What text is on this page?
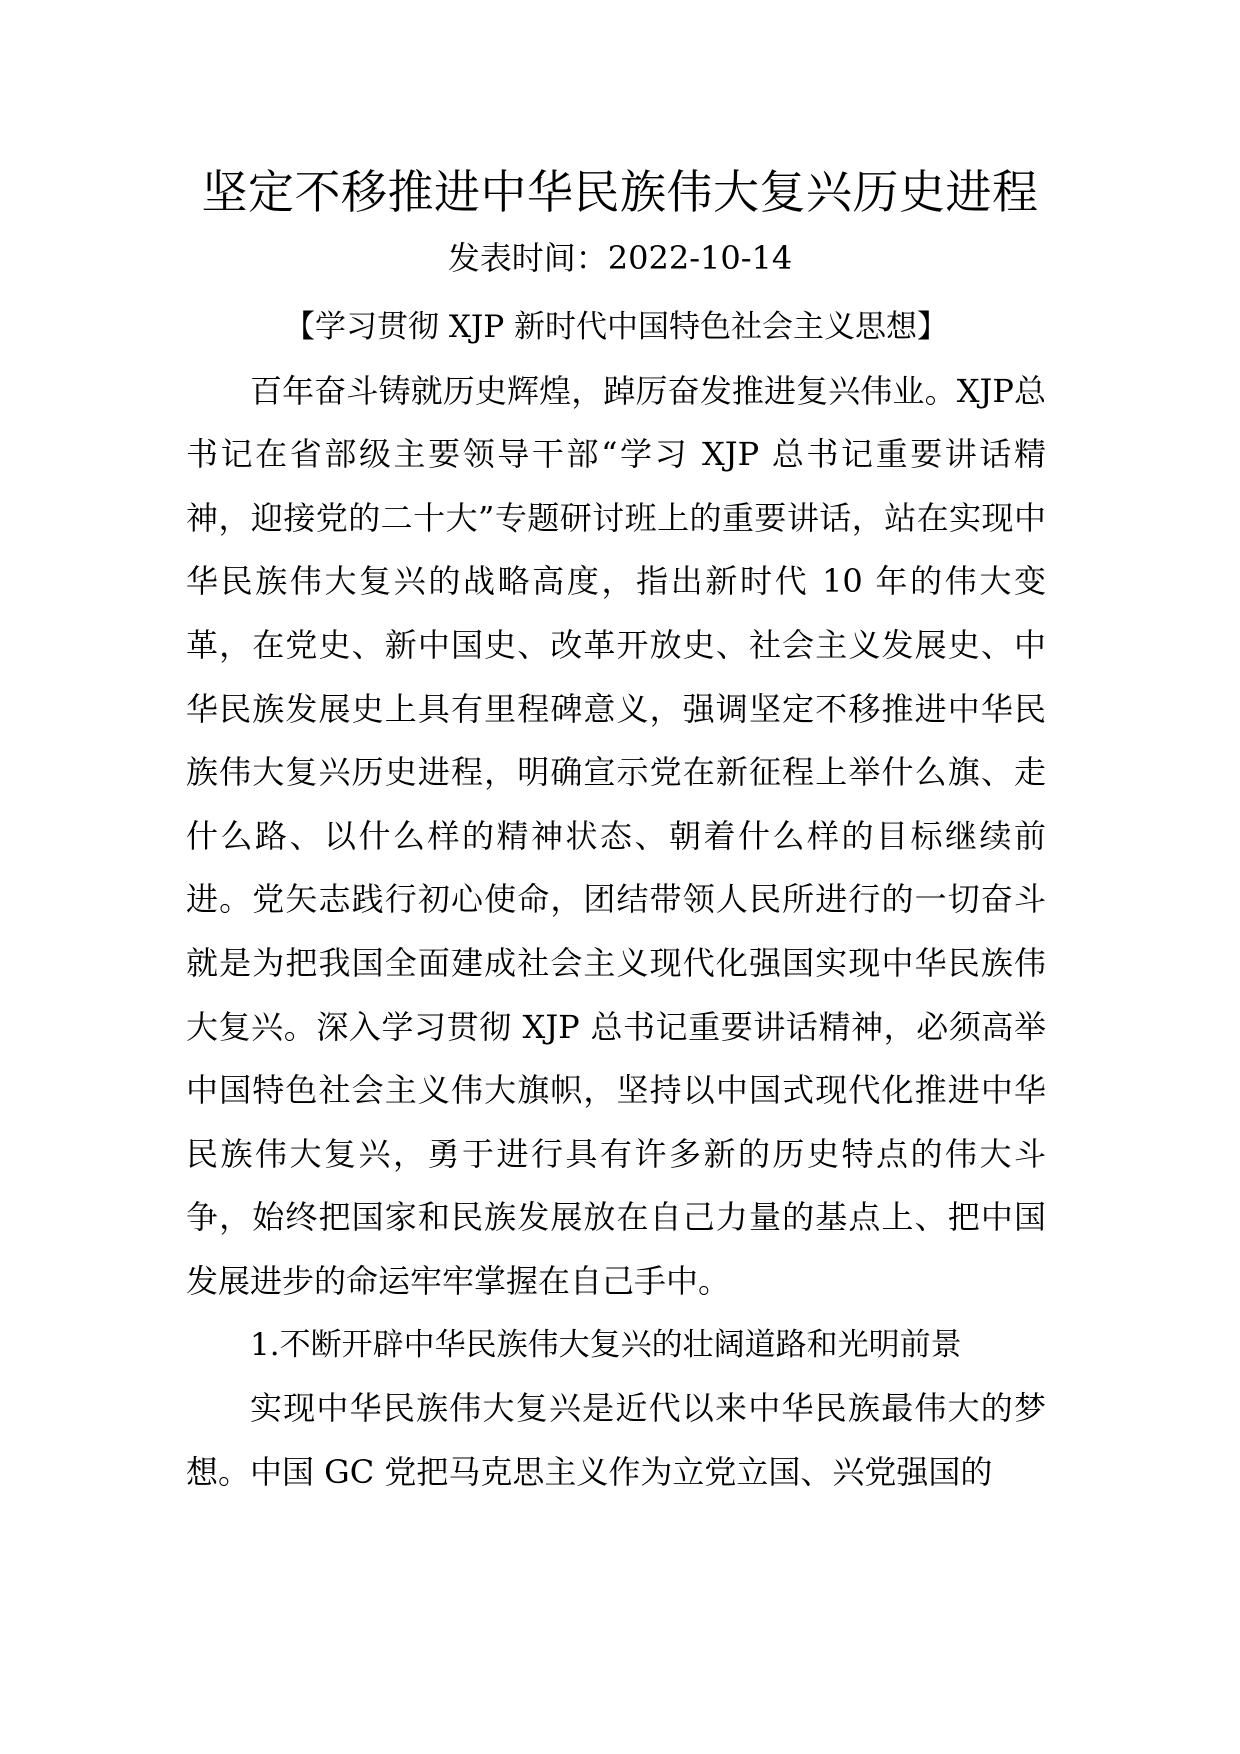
坚定不移推进中华民族伟大复兴历史进程
发表时间：2022-10-14

【学习贯彻 XJP 新时代中国特色社会主义思想】

百年奋斗铸就历史辉煌，踔厉奋发推进复兴伟业。XJP总书记在省部级主要领导干部“学习 XJP 总书记重要讲话精神，迎接党的二十大”专题研讨班上的重要讲话，站在实现中华民族伟大复兴的战略高度，指出新时代 10 年的伟大变革，在党史、新中国史、改革开放史、社会主义发展史、中华民族发展史上具有里程碑意义，强调坚定不移推进中华民族伟大复兴历史进程，明确宣示党在新征程上举什么旗、走什么路、以什么样的精神状态、朝着什么样的目标继续前进。党矢志践行初心使命，团结带领人民所进行的一切奋斗就是为把我国全面建成社会主义现代化强国实现中华民族伟大复兴。深入学习贯彻 XJP 总书记重要讲话精神，必须高举中国特色社会主义伟大旗帜，坚持以中国式现代化推进中华民族伟大复兴，勇于进行具有许多新的历史特点的伟大斗争，始终把国家和民族发展放在自己力量的基点上、把中国发展进步的命运牢牢掌握在自己手中。

1.不断开辟中华民族伟大复兴的壮阔道路和光明前景

实现中华民族伟大复兴是近代以来中华民族最伟大的梦想。中国 GC 党把马克思主义作为立党立国、兴党强国的
